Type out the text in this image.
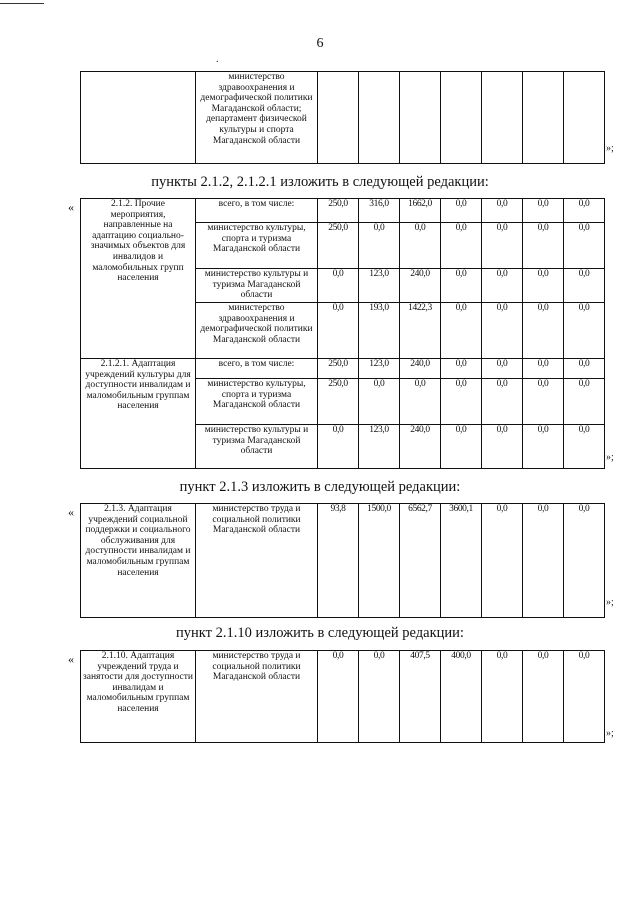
6
.
	министерство здравоохранения и демографической политики Магаданской области; департамент физической культуры и спорта Магаданской области							
»;
пункты 2.1.2, 2.1.2.1 изложить в следующей редакции:
«	2.1.2. Прочие мероприятия, направленные на адаптацию социально-значимых объектов для инвалидов и маломобильных групп населения	всего, в том числе:	250,0	316,0	1662,0	0,0	0,0	0,0	0,0
	министерство культуры, спорта и туризма Магаданской области	250,0	0,0	0,0	0,0	0,0	0,0	0,0
	министерство культуры и туризма Магаданской области	0,0	123,0	240,0	0,0	0,0	0,0	0,0
	министерство здравоохранения и демографической политики Магаданской области	0,0	193,0	1422,3	0,0	0,0	0,0	0,0
2.1.2.1. Адаптация учреждений культуры для доступности инвалидам и маломобильным группам населения	всего, в том числе:	250,0	123,0	240,0	0,0	0,0	0,0	0,0
	министерство культуры, спорта и туризма Магаданской области	250,0	0,0	0,0	0,0	0,0	0,0	0,0
	министерство культуры и туризма Магаданской области	0,0	123,0	240,0	0,0	0,0	0,0	0,0
»;
пункт 2.1.3 изложить в следующей редакции:
«	2.1.3. Адаптация учреждений социальной поддержки и социального обслуживания для доступности инвалидам и маломобильным группам населения	министерство труда и социальной политики Магаданской области	93,8	1500,0	6562,7	3600,1	0,0	0,0	0,0
»;
пункт 2.1.10 изложить в следующей редакции:
«	2.1.10. Адаптация учреждений труда и занятости для доступности инвалидам и маломобильным группам населения	министерство труда и социальной политики Магаданской области	0,0	0,0	407,5	400,0	0,0	0,0	0,0
»;
